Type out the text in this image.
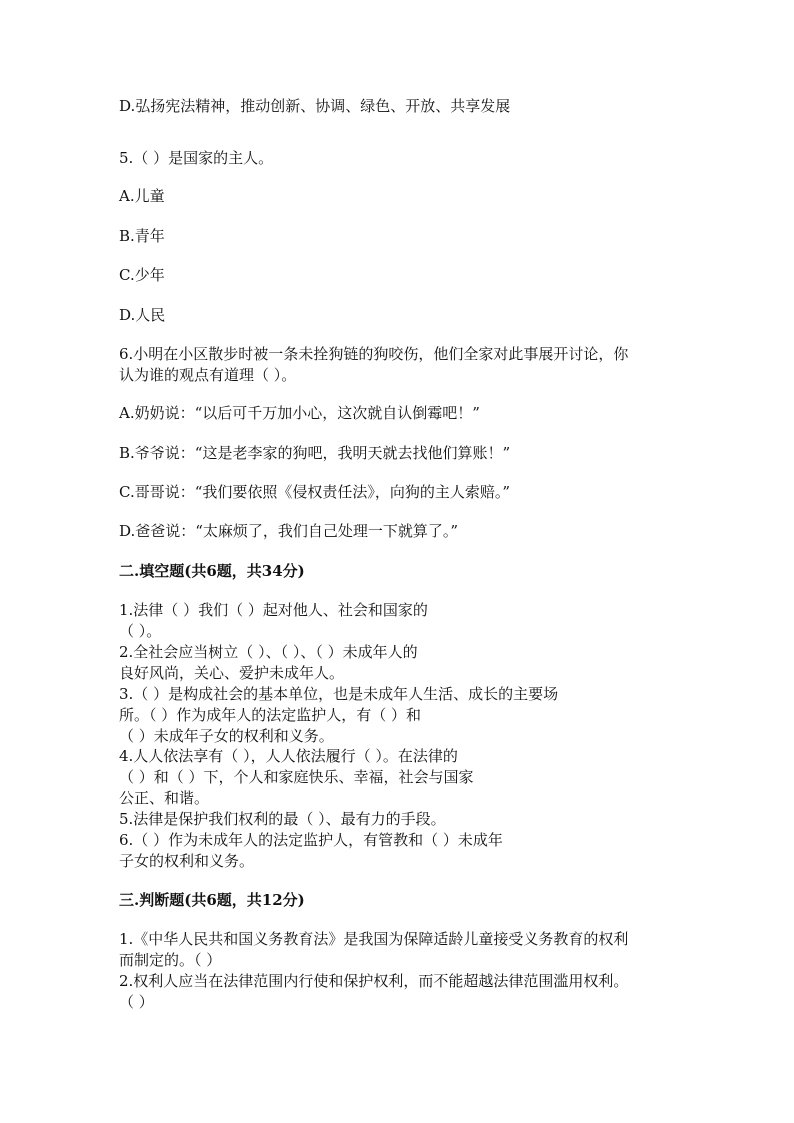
D.弘扬宪法精神，推动创新、协调、绿色、开放、共享发展
5.（ ）是国家的主人。
A.儿童
B.青年
C.少年
D.人民
6.小明在小区散步时被一条未拴狗链的狗咬伤，他们全家对此事展开讨论，你
认为谁的观点有道理（ ）。
A.奶奶说：“以后可千万加小心，这次就自认倒霉吧！”
B.爷爷说：“这是老李家的狗吧，我明天就去找他们算账！”
C.哥哥说：“我们要依照《侵权责任法》，向狗的主人索赔。”
D.爸爸说：“太麻烦了，我们自己处理一下就算了。”
二.填空题(共6题，共34分)
1.法律（ ）我们（ ）起对他人、社会和国家的
（ ）。
2.全社会应当树立（ ）、（ ）、（ ）未成年人的
良好风尚，关心、爱护未成年人。
3.（ ）是构成社会的基本单位，也是未成年人生活、成长的主要场
所。（ ）作为成年人的法定监护人，有（ ）和
（ ）未成年子女的权利和义务。
4.人人依法享有（ ），人人依法履行（ ）。在法律的
（ ）和（ ）下，个人和家庭快乐、幸福，社会与国家
公正、和谐。
5.法律是保护我们权利的最（ ）、最有力的手段。
6.（ ）作为未成年人的法定监护人，有管教和（ ）未成年
子女的权利和义务。
三.判断题(共6题，共12分)
1.《中华人民共和国义务教育法》是我国为保障适龄儿童接受义务教育的权利
而制定的。（ ）
2.权利人应当在法律范围内行使和保护权利，而不能超越法律范围滥用权利。
（ ）
